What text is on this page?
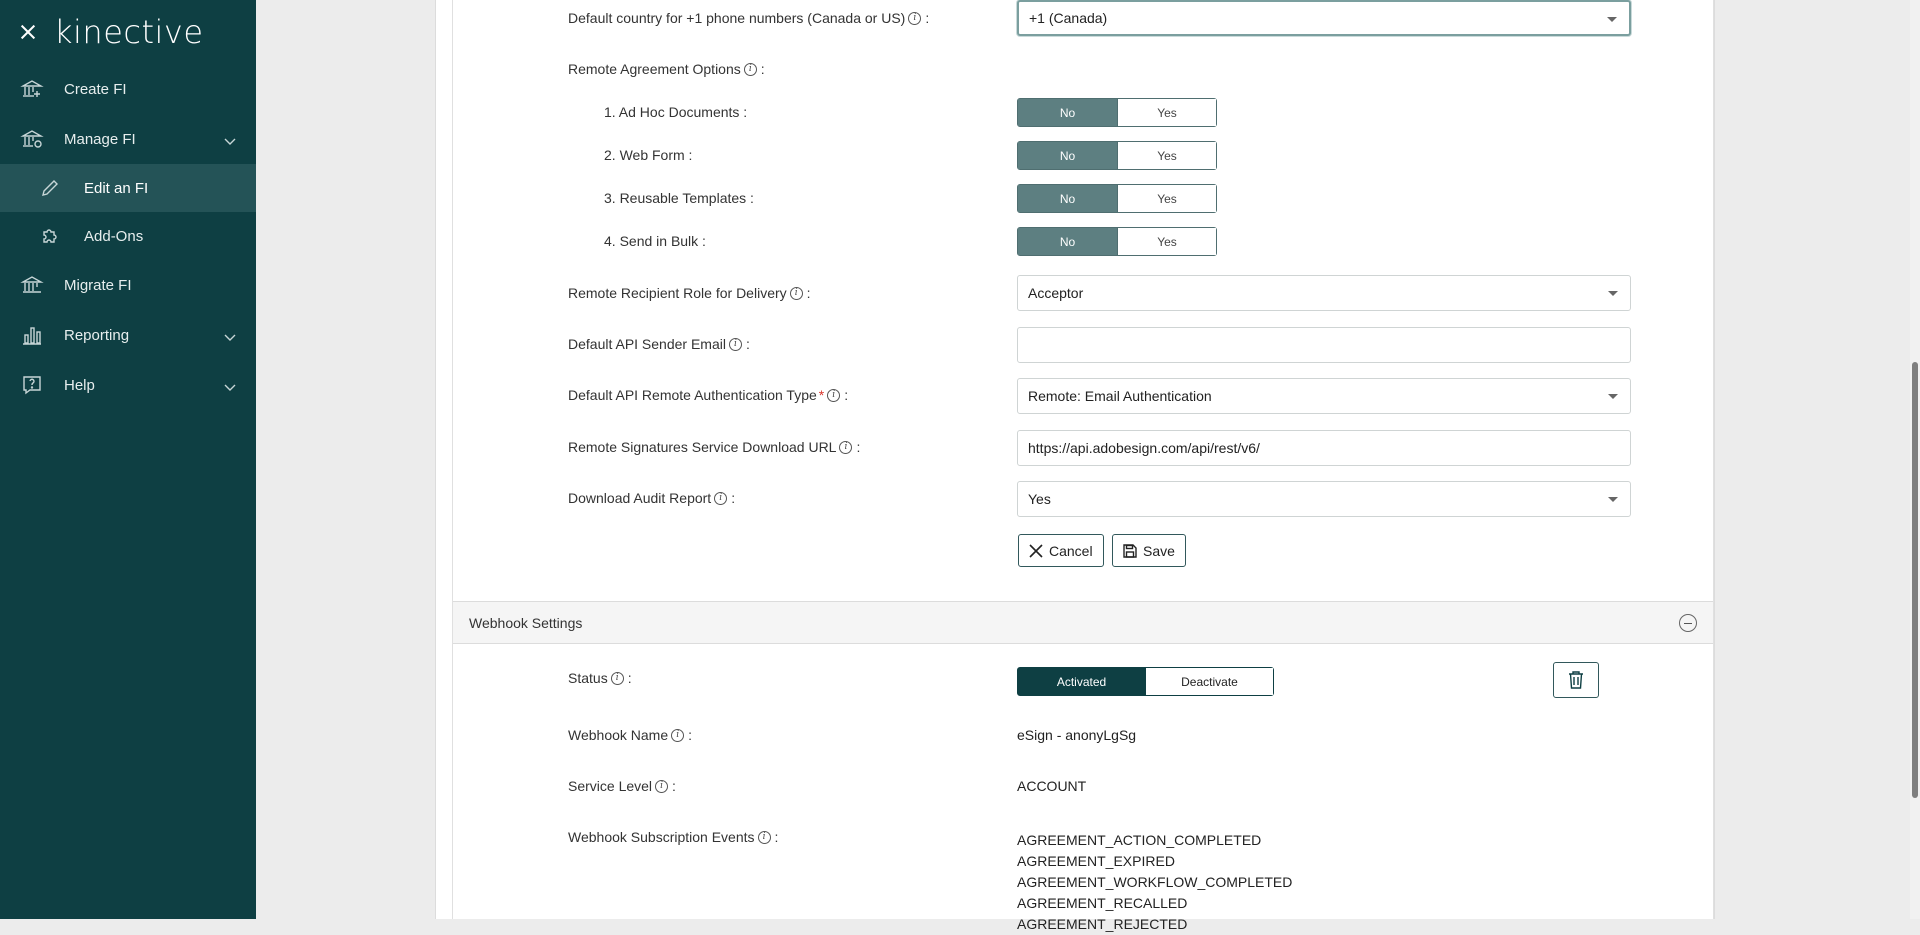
kinective
Create FI
Manage FI
Edit an FI
Add-Ons
Migrate FI
Reporting
Help
Default country for +1 phone numbers (Canada or US) i :	+1 (Canada)
Remote Agreement Options i :
1. Ad Hoc Documents :	No	Yes
2. Web Form :	No	Yes
3. Reusable Templates :	No	Yes
4. Send in Bulk :	No	Yes
Remote Recipient Role for Delivery i :	Acceptor
Default API Sender Email i :
Default API Remote Authentication Type * i :	Remote: Email Authentication
Remote Signatures Service Download URL i :	https://api.adobesign.com/api/rest/v6/
Download Audit Report i :	Yes
Cancel	Save
Webhook Settings
Status i :	Activated	Deactivate
Webhook Name i :	eSign - anonyLgSg
Service Level i :	ACCOUNT
Webhook Subscription Events i :	AGREEMENT_ACTION_COMPLETED
AGREEMENT_EXPIRED
AGREEMENT_WORKFLOW_COMPLETED
AGREEMENT_RECALLED
AGREEMENT_REJECTED
